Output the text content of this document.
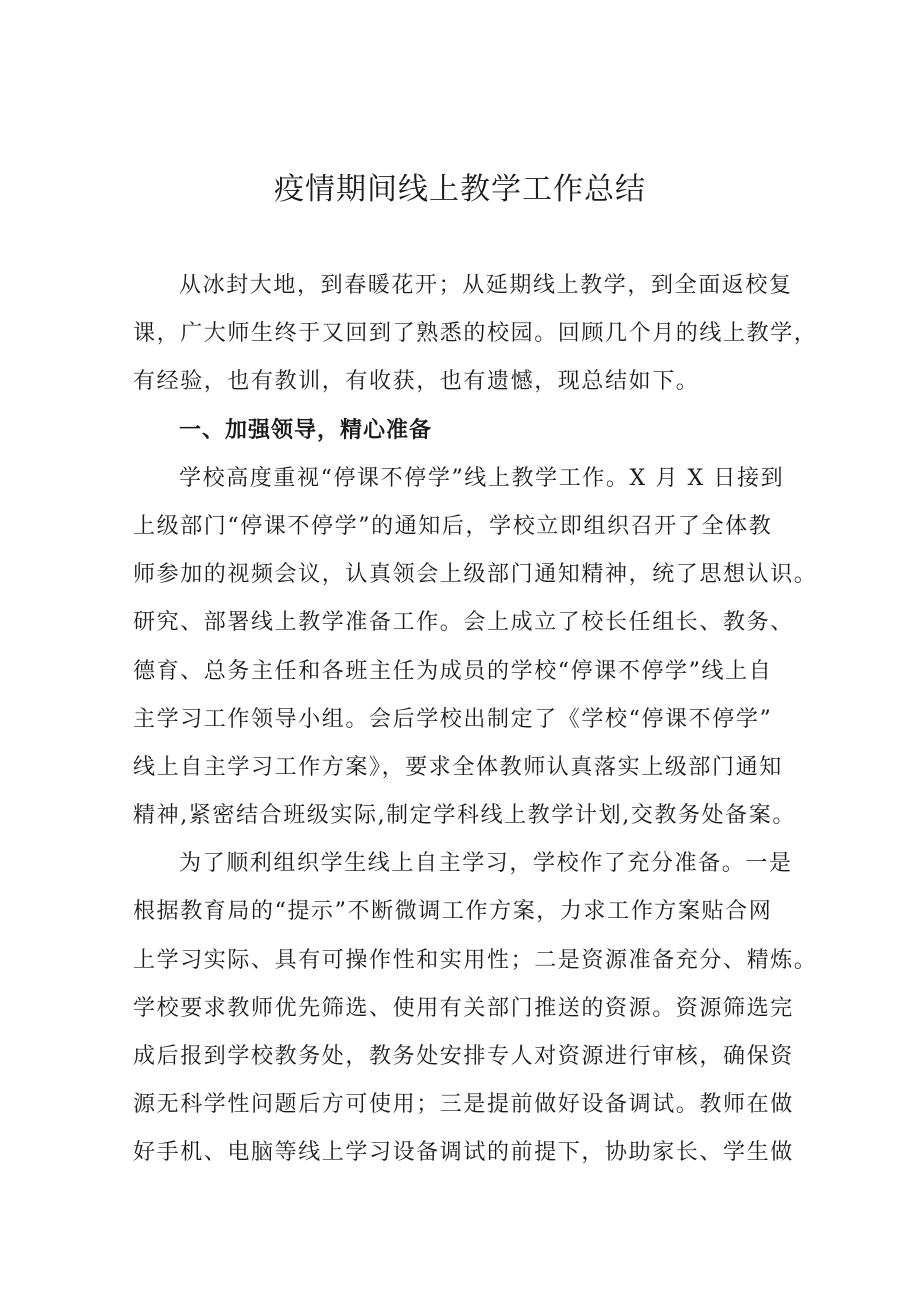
疫情期间线上教学工作总结
从冰封大地，到春暖花开；从延期线上教学，到全面返校复
课，广大师生终于又回到了熟悉的校园。回顾几个月的线上教学，
有经验，也有教训，有收获，也有遗憾，现总结如下。
一、加强领导，精心准备
学校高度重视“停课不停学”线上教学工作。X 月 X 日接到
上级部门“停课不停学”的通知后，学校立即组织召开了全体教
师参加的视频会议，认真领会上级部门通知精神，统了思想认识。
研究、部署线上教学准备工作。会上成立了校长任组长、教务、
德育、总务主任和各班主任为成员的学校“停课不停学”线上自
主学习工作领导小组。会后学校出制定了《学校“停课不停学”
线上自主学习工作方案》，要求全体教师认真落实上级部门通知
精神,紧密结合班级实际,制定学科线上教学计划,交教务处备案。
为了顺利组织学生线上自主学习，学校作了充分准备。一是
根据教育局的“提示”不断微调工作方案，力求工作方案贴合网
上学习实际、具有可操作性和实用性；二是资源准备充分、精炼。
学校要求教师优先筛选、使用有关部门推送的资源。资源筛选完
成后报到学校教务处，教务处安排专人对资源进行审核，确保资
源无科学性问题后方可使用；三是提前做好设备调试。教师在做
好手机、电脑等线上学习设备调试的前提下，协助家长、学生做
